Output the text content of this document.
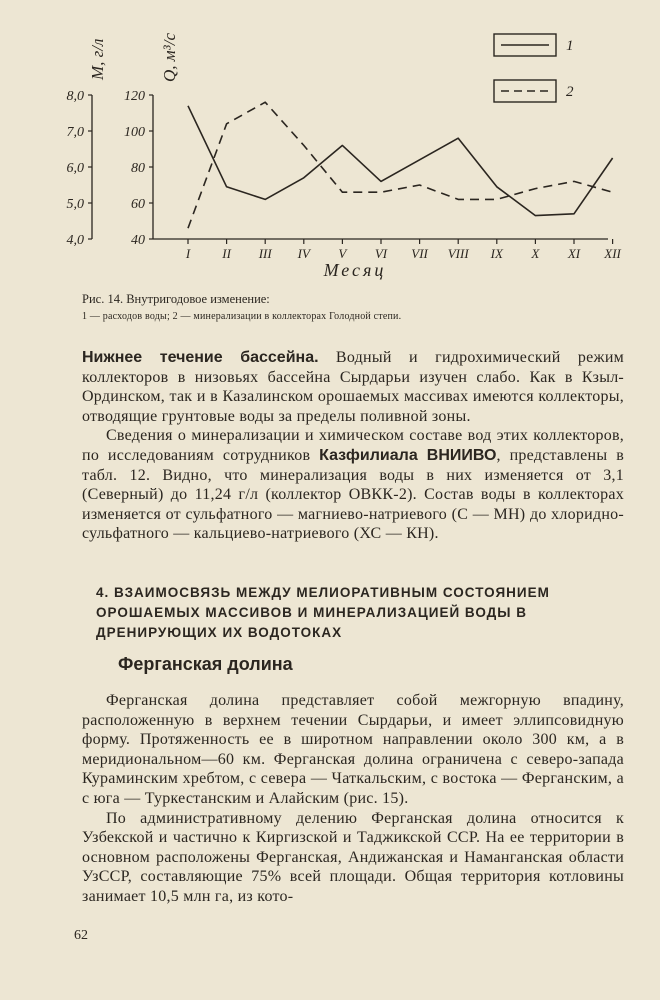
M, г/л	Q, м³/с
Месяц
8,0
7,0
6,0
5,0
4,0
120
100
80
60
40
I II III IV V VI VII VIII IX X XI XII
1
2
Рис. 14. Внутригодовое изменение:
1 — расходов воды; 2 — минерализации в коллекторах Голодной степи.

Нижнее течение бассейна. Водный и гидрохимический режим коллекторов в низовьях бассейна Сырдарьи изучен слабо. Как в Кзыл-Ординском, так и в Казалинском орошаемых массивах имеются коллекторы, отводящие грунтовые воды за пределы поливной зоны.

Сведения о минерализации и химическом составе вод этих коллекторов, по исследованиям сотрудников Казфилиала ВНИИВО, представлены в табл. 12. Видно, что минерализация воды в них изменяется от 3,1 (Северный) до 11,24 г/л (коллектор ОВКК-2). Состав воды в коллекторах изменяется от сульфатного — магниево-натриевого (С — МН) до хлоридно-сульфатного — кальциево-натриевого (ХС — КН).

4. ВЗАИМОСВЯЗЬ МЕЖДУ МЕЛИОРАТИВНЫМ СОСТОЯНИЕМ ОРОШАЕМЫХ МАССИВОВ И МИНЕРАЛИЗАЦИЕЙ ВОДЫ В ДРЕНИРУЮЩИХ ИХ ВОДОТОКАХ
Ферганская долина

Ферганская долина представляет собой межгорную впадину, расположенную в верхнем течении Сырдарьи, и имеет эллипсовидную форму. Протяженность ее в широтном направлении около 300 км, а в меридиональном—60 км. Ферганская долина ограничена с северо-запада Кураминским хребтом, с севера — Чаткальским, с востока — Ферганским, а с юга — Туркестанским и Алайским (рис. 15).

По административному делению Ферганская долина относится к Узбекской и частично к Киргизской и Таджикской ССР. На ее территории в основном расположены Ферганская, Андижанская и Наманганская области УзССР, составляющие 75% всей площади. Общая территория котловины занимает 10,5 млн га, из кото-

62
